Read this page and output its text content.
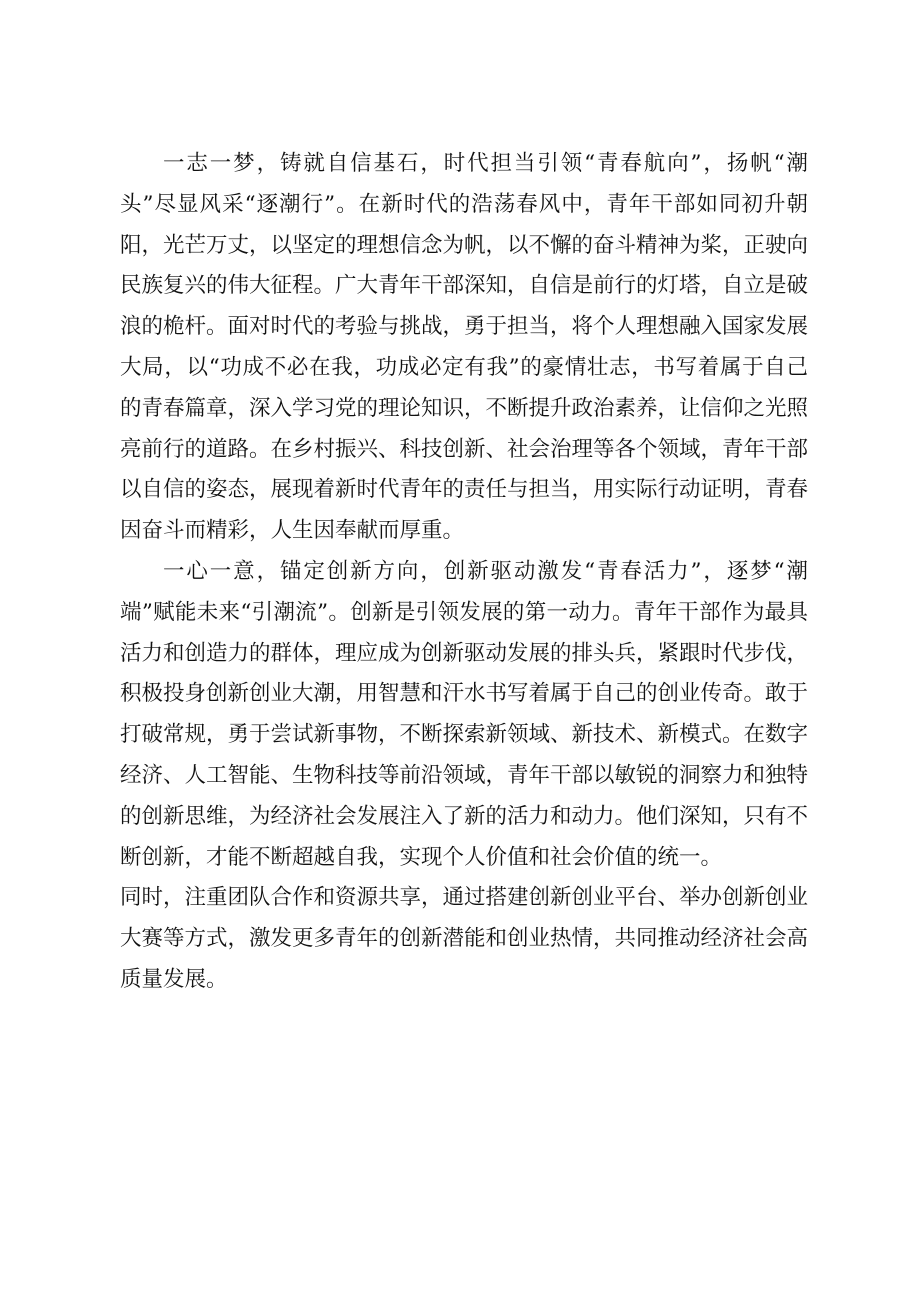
一志一梦，铸就自信基石，时代担当引领“青春航向”，扬帆“潮头”尽显风采“逐潮行”。在新时代的浩荡春风中，青年干部如同初升朝阳，光芒万丈，以坚定的理想信念为帆，以不懈的奋斗精神为桨，正驶向民族复兴的伟大征程。广大青年干部深知，自信是前行的灯塔，自立是破浪的桅杆。面对时代的考验与挑战，勇于担当，将个人理想融入国家发展大局，以“功成不必在我，功成必定有我”的豪情壮志，书写着属于自己的青春篇章，深入学习党的理论知识，不断提升政治素养，让信仰之光照亮前行的道路。在乡村振兴、科技创新、社会治理等各个领域，青年干部以自信的姿态，展现着新时代青年的责任与担当，用实际行动证明，青春因奋斗而精彩，人生因奉献而厚重。

一心一意，锚定创新方向，创新驱动激发“青春活力”，逐梦“潮端”赋能未来“引潮流”。创新是引领发展的第一动力。青年干部作为最具活力和创造力的群体，理应成为创新驱动发展的排头兵，紧跟时代步伐，积极投身创新创业大潮，用智慧和汗水书写着属于自己的创业传奇。敢于打破常规，勇于尝试新事物，不断探索新领域、新技术、新模式。在数字经济、人工智能、生物科技等前沿领域，青年干部以敏锐的洞察力和独特的创新思维，为经济社会发展注入了新的活力和动力。他们深知，只有不断创新，才能不断超越自我，实现个人价值和社会价值的统一。

同时，注重团队合作和资源共享，通过搭建创新创业平台、举办创新创业大赛等方式，激发更多青年的创新潜能和创业热情，共同推动经济社会高质量发展。
